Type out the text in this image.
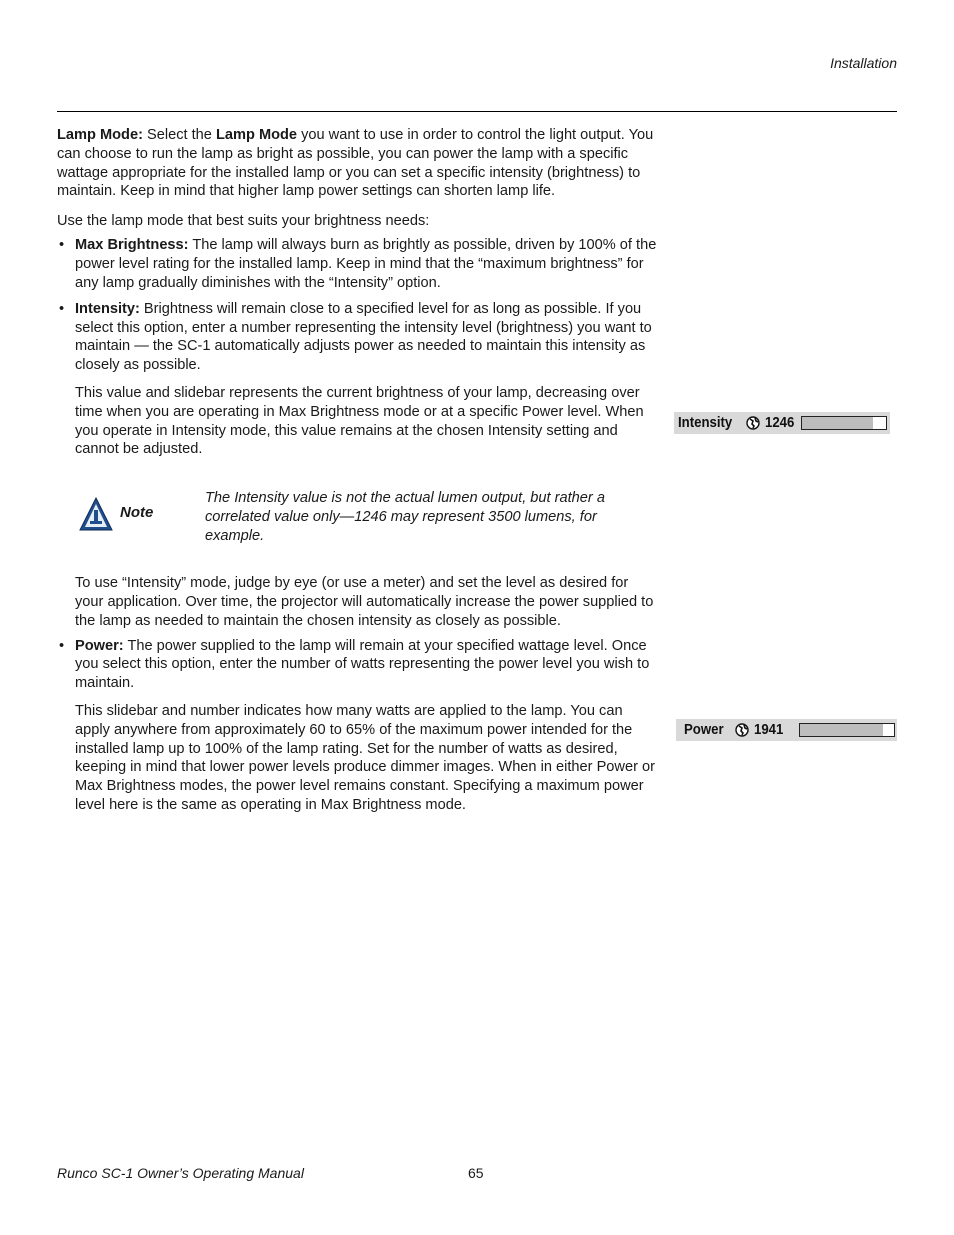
Installation

Lamp Mode: Select the Lamp Mode you want to use in order to control the light output. You can choose to run the lamp as bright as possible, you can power the lamp with a specific wattage appropriate for the installed lamp or you can set a specific intensity (brightness) to maintain. Keep in mind that higher lamp power settings can shorten lamp life.

Use the lamp mode that best suits your brightness needs:

• Max Brightness: The lamp will always burn as brightly as possible, driven by 100% of the power level rating for the installed lamp. Keep in mind that the “maximum brightness” for any lamp gradually diminishes with the “Intensity” option.
• Intensity: Brightness will remain close to a specified level for as long as possible. If you select this option, enter a number representing the intensity level (brightness) you want to maintain — the SC-1 automatically adjusts power as needed to maintain this intensity as closely as possible.

This value and slidebar represents the current brightness of your lamp, decreasing over time when you are operating in Max Brightness mode or at a specific Power level. When you operate in Intensity mode, this value remains at the chosen Intensity setting and cannot be adjusted.

Note
The Intensity value is not the actual lumen output, but rather a correlated value only—1246 may represent 3500 lumens, for example.

To use “Intensity” mode, judge by eye (or use a meter) and set the level as desired for your application. Over time, the projector will automatically increase the power supplied to the lamp as needed to maintain the chosen intensity as closely as possible.

• Power: The power supplied to the lamp will remain at your specified wattage level. Once you select this option, enter the number of watts representing the power level you wish to maintain.

This slidebar and number indicates how many watts are applied to the lamp. You can apply anywhere from approximately 60 to 65% of the maximum power intended for the installed lamp up to 100% of the lamp rating. Set for the number of watts as desired, keeping in mind that lower power levels produce dimmer images. When in either Power or Max Brightness modes, the power level remains constant. Specifying a maximum power level here is the same as operating in Max Brightness mode.

Intensity 1246
Power 1941
Runco SC-1 Owner’s Operating Manual	65
